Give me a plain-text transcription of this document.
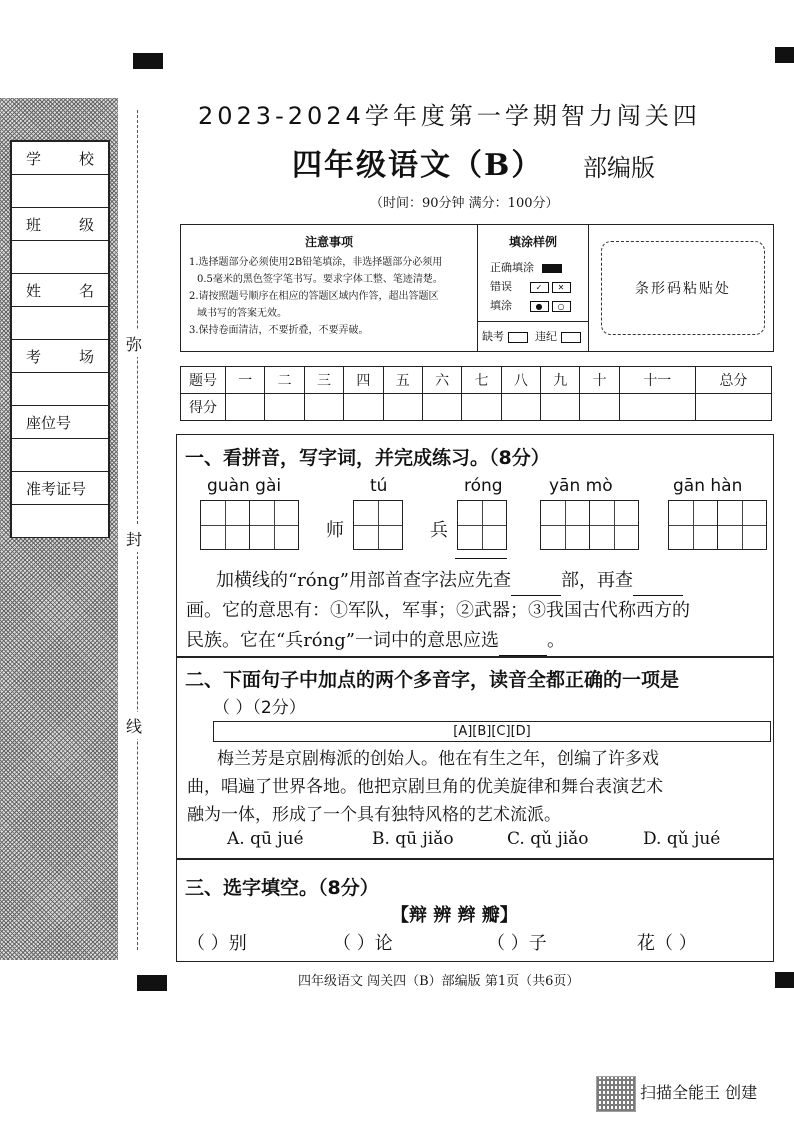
学	校
班	级
姓	名
考	场
座位号
准考证号
弥
封
线
2023-2024学年度第一学期智力闯关四
四年级语文（B） 部编版
（时间：90分钟 满分：100分）
注意事项
1.选择题部分必须使用2B铅笔填涂，非选择题部分必须用
0.5毫米的黑色签字笔书写。要求字体工整、笔迹清楚。
2.请按照题号顺序在相应的答题区域内作答，超出答题区
域书写的答案无效。
3.保持卷面清洁，不要折叠，不要弄破。
填涂样例
正确填涂
错误	✓ ✕
填涂	● ○
缺考	违纪
条形码粘贴处
题号	一	二	三	四	五	六	七	八	九	十	十一	总分
得分												
一、看拼音，写字词，并完成练习。（8分）
guàn gài	tú	róng	yān mò	gān hàn
师	兵
加横线的“róng”用部首查字法应先查	部，再查
画。它的意思有：①军队，军事；②武器；③我国古代称西方的
民族。它在“兵róng”一词中的意思应选	。
二、下面句子中加点的两个多音字，读音全都正确的一项是
（ ）（2分）
[A][B][C][D]
梅兰芳是京剧梅派的创始人。他在有生之年，创编了许多戏
曲，唱遍了世界各地。他把京剧旦角的优美旋律和舞台表演艺术
融为一体，形成了一个具有独特风格的艺术流派。
A. qū jué	B. qū jiǎo	C. qǔ jiǎo	D. qǔ jué
三、选字填空。（8分）
【辩 辨 辫 瓣】
（ ）别	（ ）论	（ ）子	花（ ）
四年级语文 闯关四（B）部编版 第1页（共6页）
扫描全能王 创建
